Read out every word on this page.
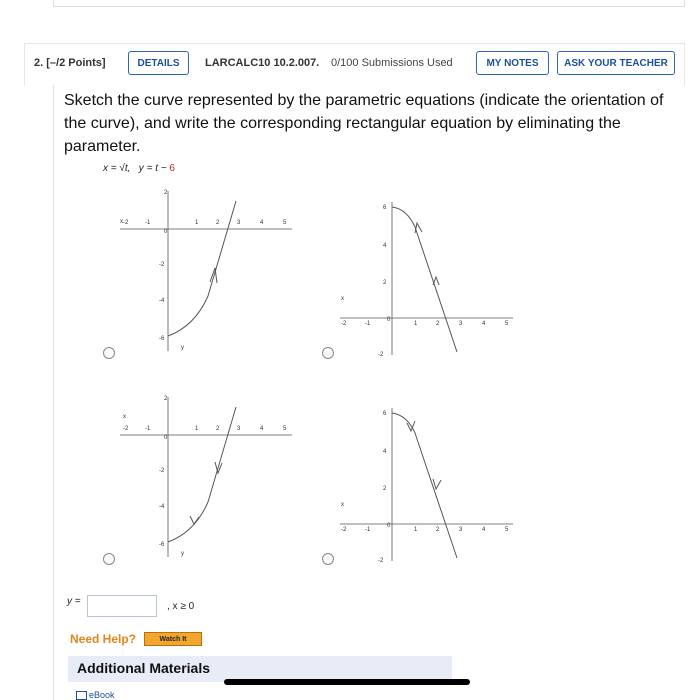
2. [–/2 Points]	DETAILS	LARCALC10 10.2.007. 0/100 Submissions Used	MY NOTES	ASK YOUR TEACHER
Sketch the curve represented by the parametric equations (indicate the orientation of the curve), and write the corresponding rectangular equation by eliminating the parameter.
x = √t, y = t − 6
x -2	-1	1	2	3	4	5
2
0
-2
-4
-6
y
x
-2	-1	1	2	3	4	5
6
4
2
0
-2
x
-2	-1	1	2	3	4	5
2
0
-2
-4
-6
y
x
-2	-1	1	2	3	4	5
6
4
2
0
-2
y =	, x ≥ 0
Need Help?	Watch It
Additional Materials
eBook
